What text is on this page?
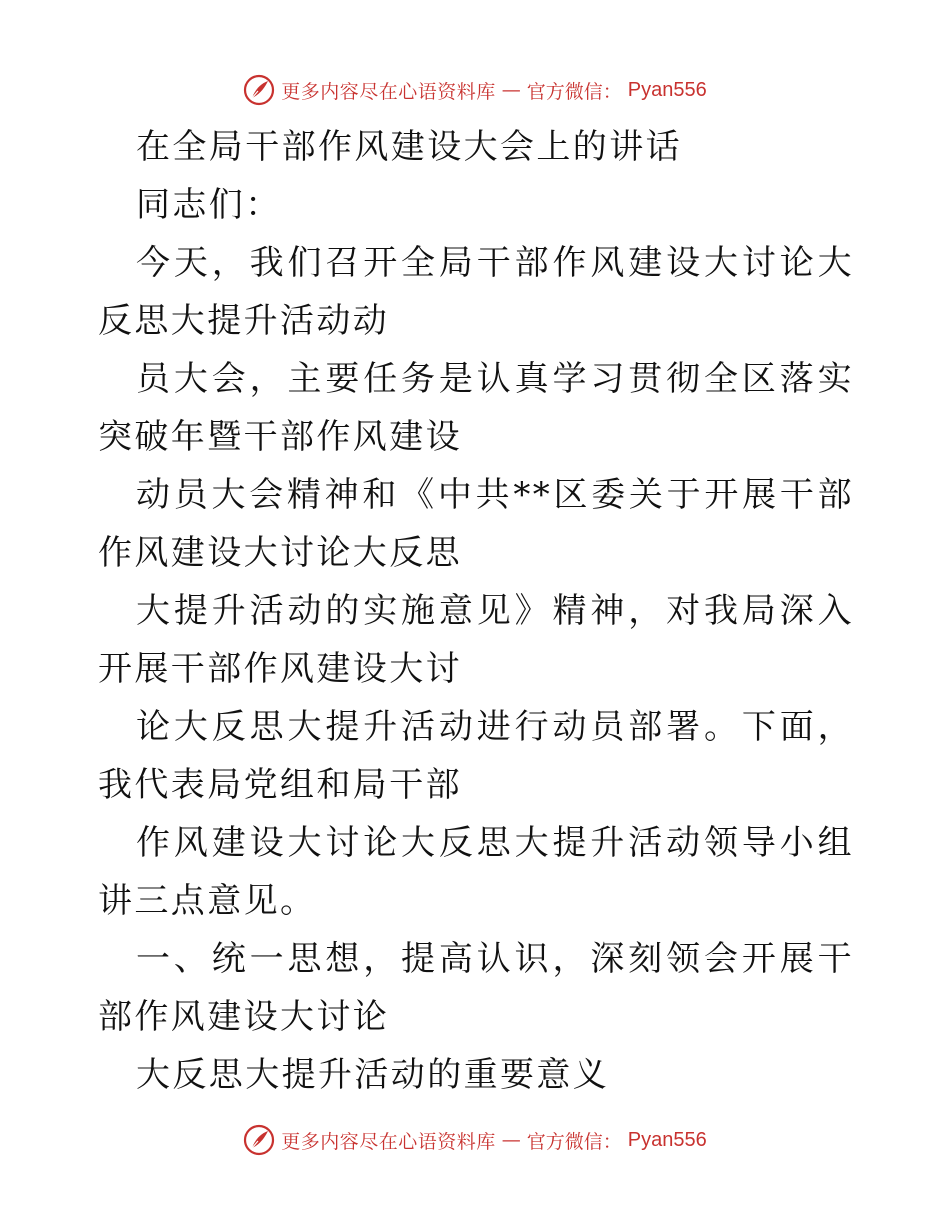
更多内容尽在心语资料库 — 官方微信： Pyan556

在全局干部作风建设大会上的讲话

同志们：

今天，我们召开全局干部作风建设大讨论大反思大提升活动动

员大会，主要任务是认真学习贯彻全区落实突破年暨干部作风建设

动员大会精神和《中共**区委关于开展干部作风建设大讨论大反思

大提升活动的实施意见》精神，对我局深入开展干部作风建设大讨

论大反思大提升活动进行动员部署。下面，我代表局党组和局干部

作风建设大讨论大反思大提升活动领导小组讲三点意见。

一、统一思想，提高认识，深刻领会开展干部作风建设大讨论

大反思大提升活动的重要意义

更多内容尽在心语资料库 — 官方微信： Pyan556
